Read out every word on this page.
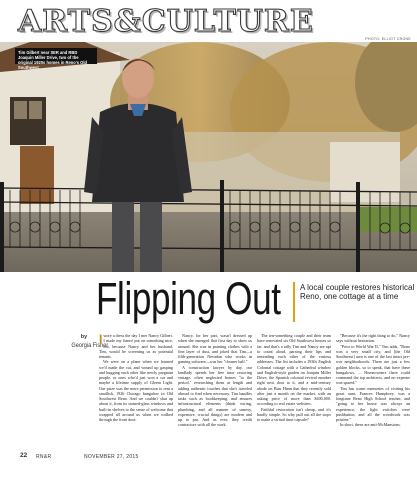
ARTS&CULTURE	PHOTO: ELLIOT CRONE
Tim Gilbert near SER and RBD Joaquin Miller Drive, two of the original 1920s homes in Reno's Old Southwest.
Flipping Out A local couple restores historical Reno, one cottage at a time
by
Georgia Fisher
I wore a dress the day I met Nancy Gilbert. I made my fiancé put on something nice, too, because Nancy and her husband, Tim, would be screening us as potential tenants.

We were on a plane when we learned we'd made the cut, and wound up gasping and hugging each other like newly pregnant people, or ones who'd just won a car and maybe a lifetime supply of Gleem Light. Our prize was the mere permission to rent a smallish, 1926 Chicago bungalow in Old Southwest Reno. And we couldn't shut up about it, from its stained-glass windows and built-in shelves to the sense of welcome that wrapped all around us when we walked through the front door.

Nancy, for her part, wasn't dressed up when she emerged that first day to show us around. She was in painting clothes with a fine layer of dust, and joked that Tim—a fifth-generation Nevadan who works in gaming software—was her "cleaner half."

A construction lawyer by day, our landlady spends her free time restoring vintage, often neglected homes "to the period," researching them at length and adding authentic touches that she's traveled abroad to find when necessary. Tim handles tasks such as bookkeeping, and ensures infrastructural elements (think wiring, plumbing, and all manner of unsexy, expensive, crucial things) are modern and up to par. And as ever, they credit contractors with all the work.

The ten-something couple and their team have renovated six Old Southwest houses so far, and that's a tally Tim and Nancy are apt to count aloud, parsing their lips and reminding each other of the various addresses. The list includes a 1930s English Colonial cottage with a Cathedral window and English-style garden on Joaquin Miller Drive, the Spanish colonial revival number right next door to it, and a mid-century abode on Burr Hann that they recently sold after just a month on the market, with an asking price of more than $400,000, according to real estate websites.

Faithful restoration isn't cheap, and it's hardly simple. So why pull out all the stops to make a virtual time capsule?

"Because it's the right thing to do," Nancy says without hesitation.

"Prior to World War II," Tim adds, "Reno was a very small city, and [the Old Southwest] area is one of the last intact pre-war neighborhoods. There are just a few golden blocks, so to speak, that have these bungalows, ... Homeowners there could command the top architects, and no expense was spared."

Tim has warm memories of visiting his great aunt, Frances Humphrey, was a longtime Reno High School teacher, and "going to her house was always an experience, the light switches were pushbutton, and all the woodwork was pristine."

In short, these are anti-McMansions.

22 RN&R	NOVEMBER 27, 2015
